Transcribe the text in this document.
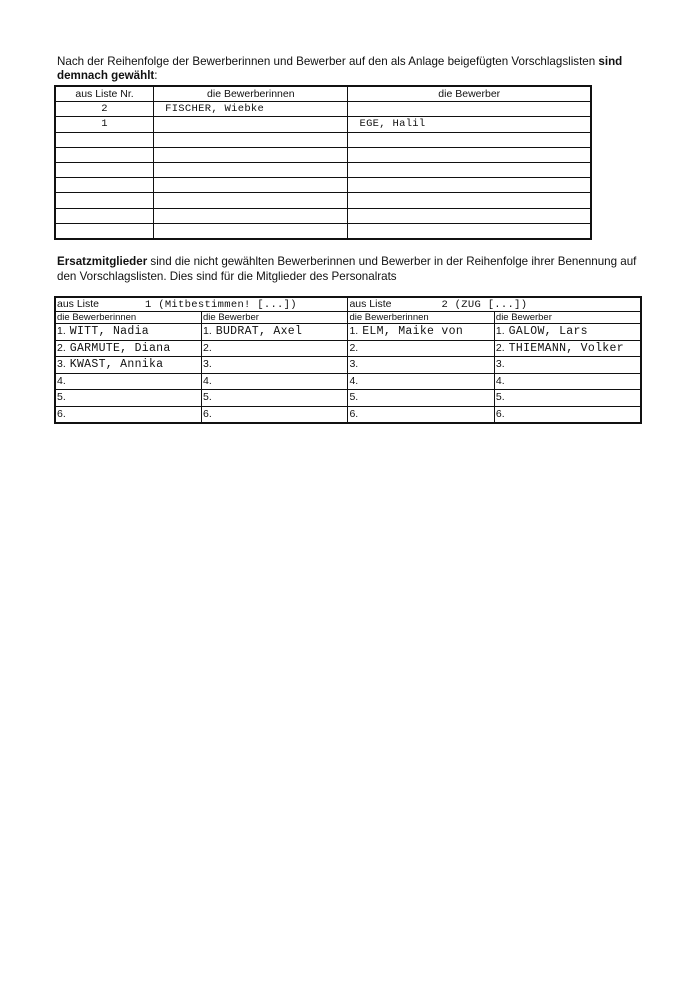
Nach der Reihenfolge der Bewerberinnen und Bewerber auf den als Anlage beigefügten Vorschlagslisten sind
demnach gewählt:
aus Liste Nr.	die Bewerberinnen	die Bewerber
2	FISCHER, Wiebke	
1		EGE, Halil

Ersatzmitglieder sind die nicht gewählten Bewerberinnen und Bewerber in der Reihenfolge ihrer Benennung auf den Vorschlagslisten. Dies sind für die Mitglieder des Personalrats
aus Liste 1 (Mitbestimmen! [...])		aus Liste 2 (ZUG [...])	
die Bewerberinnen	die Bewerber	die Bewerberinnen	die Bewerber
1. WITT, Nadia	1. BUDRAT, Axel	1. ELM, Maike von	1. GALOW, Lars
2. GARMUTE, Diana	2.	2.	2. THIEMANN, Volker
3. KWAST, Annika	3.	3.	3.
4.	4.	4.	4.
5.	5.	5.	5.
6.	6.	6.	6.
